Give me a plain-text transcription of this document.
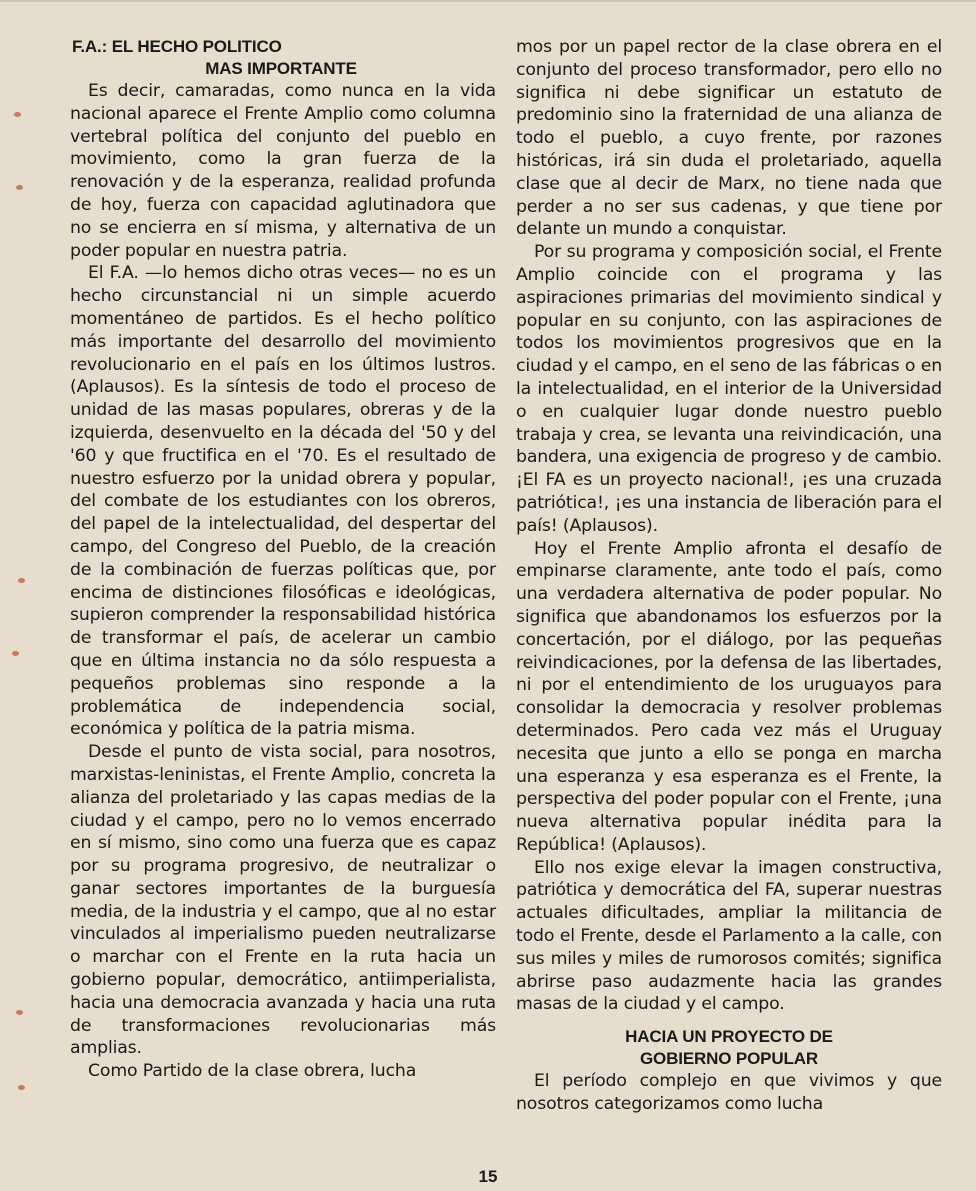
F.A.: EL HECHO POLITICO
MAS IMPORTANTE

Es decir, camaradas, como nunca en la vida nacional aparece el Frente Amplio como columna vertebral política del conjunto del pueblo en movimiento, como la gran fuerza de la renovación y de la esperanza, realidad profunda de hoy, fuerza con capacidad aglutinadora que no se encierra en sí misma, y alternativa de un poder popular en nuestra patria.

El F.A. —lo hemos dicho otras veces— no es un hecho circunstancial ni un simple acuerdo momentáneo de partidos. Es el hecho político más importante del desarrollo del movimiento revolucionario en el país en los últimos lustros. (Aplausos). Es la síntesis de todo el proceso de unidad de las masas populares, obreras y de la izquierda, desenvuelto en la década del '50 y del '60 y que fructifica en el '70. Es el resultado de nuestro esfuerzo por la unidad obrera y popular, del combate de los estudiantes con los obreros, del papel de la intelectualidad, del despertar del campo, del Congreso del Pueblo, de la creación de la combinación de fuerzas políticas que, por encima de distinciones filosóficas e ideológicas, supieron comprender la responsabilidad histórica de transformar el país, de acelerar un cambio que en última instancia no da sólo respuesta a pequeños problemas sino responde a la problemática de independencia social, económica y política de la patria misma.

Desde el punto de vista social, para nosotros, marxistas-leninistas, el Frente Amplio, concreta la alianza del proletariado y las capas medias de la ciudad y el campo, pero no lo vemos encerrado en sí mismo, sino como una fuerza que es capaz por su programa progresivo, de neutralizar o ganar sectores importantes de la burguesía media, de la industria y el campo, que al no estar vinculados al imperialismo pueden neutralizarse o marchar con el Frente en la ruta hacia un gobierno popular, democrático, antiimperialista, hacia una democracia avanzada y hacia una ruta de transformaciones revolucionarias más amplias.

Como Partido de la clase obrera, lucha

mos por un papel rector de la clase obrera en el conjunto del proceso transformador, pero ello no significa ni debe significar un estatuto de predominio sino la fraternidad de una alianza de todo el pueblo, a cuyo frente, por razones históricas, irá sin duda el proletariado, aquella clase que al decir de Marx, no tiene nada que perder a no ser sus cadenas, y que tiene por delante un mundo a conquistar.

Por su programa y composición social, el Frente Amplio coincide con el programa y las aspiraciones primarias del movimiento sindical y popular en su conjunto, con las aspiraciones de todos los movimientos progresivos que en la ciudad y el campo, en el seno de las fábricas o en la intelectualidad, en el interior de la Universidad o en cualquier lugar donde nuestro pueblo trabaja y crea, se levanta una reivindicación, una bandera, una exigencia de progreso y de cambio. ¡El FA es un proyecto nacional!, ¡es una cruzada patriótica!, ¡es una instancia de liberación para el país! (Aplausos).

Hoy el Frente Amplio afronta el desafío de empinarse claramente, ante todo el país, como una verdadera alternativa de poder popular. No significa que abandonamos los esfuerzos por la concertación, por el diálogo, por las pequeñas reivindicaciones, por la defensa de las libertades, ni por el entendimiento de los uruguayos para consolidar la democracia y resolver problemas determinados. Pero cada vez más el Uruguay necesita que junto a ello se ponga en marcha una esperanza y esa esperanza es el Frente, la perspectiva del poder popular con el Frente, ¡una nueva alternativa popular inédita para la República! (Aplausos).

Ello nos exige elevar la imagen constructiva, patriótica y democrática del FA, superar nuestras actuales dificultades, ampliar la militancia de todo el Frente, desde el Parlamento a la calle, con sus miles y miles de rumorosos comités; significa abrirse paso audazmente hacia las grandes masas de la ciudad y el campo.

HACIA UN PROYECTO DE
GOBIERNO POPULAR

El período complejo en que vivimos y que nosotros categorizamos como lucha

15
